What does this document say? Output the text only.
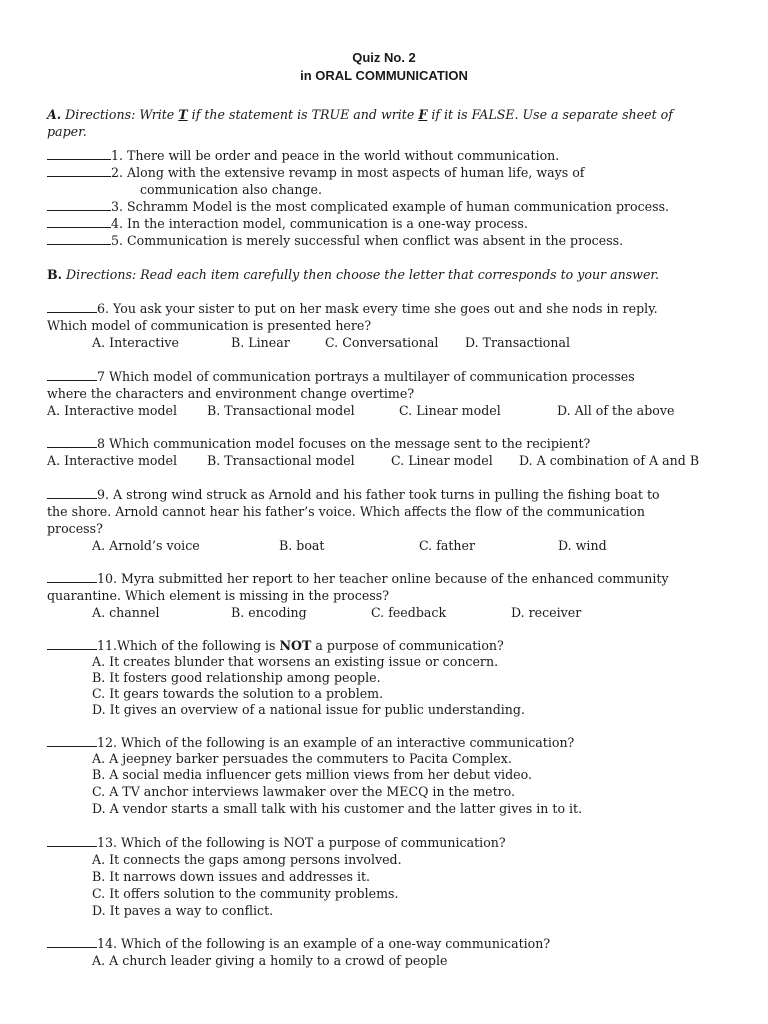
Quiz No. 2
in ORAL COMMUNICATION
A. Directions: Write T if the statement is TRUE and write F if it is FALSE. Use a separate sheet of
paper.
1. There will be order and peace in the world without communication.
2. Along with the extensive revamp in most aspects of human life, ways of
communication also change.
3. Schramm Model is the most complicated example of human communication process.
4. In the interaction model, communication is a one-way process.
5. Communication is merely successful when conflict was absent in the process.
B. Directions: Read each item carefully then choose the letter that corresponds to your answer.
6. You ask your sister to put on her mask every time she goes out and she nods in reply.
Which model of communication is presented here?
A. Interactive	B. Linear	C. Conversational D. Transactional
7 Which model of communication portrays a multilayer of communication processes
where the characters and environment change overtime?
A. Interactive model B. Transactional model	C. Linear model	D. All of the above
8 Which communication model focuses on the message sent to the recipient?
A. Interactive model B. Transactional model	C. Linear model D. A combination of A and B
9. A strong wind struck as Arnold and his father took turns in pulling the fishing boat to
the shore. Arnold cannot hear his father’s voice. Which affects the flow of the communication
process?
A. Arnold’s voice	B. boat	C. father	D. wind
10. Myra submitted her report to her teacher online because of the enhanced community
quarantine. Which element is missing in the process?
A. channel	B. encoding	C. feedback	D. receiver
11.Which of the following is NOT a purpose of communication?
A. It creates blunder that worsens an existing issue or concern.
B. It fosters good relationship among people.
C. It gears towards the solution to a problem.
D. It gives an overview of a national issue for public understanding.
12. Which of the following is an example of an interactive communication?
A. A jeepney barker persuades the commuters to Pacita Complex.
B. A social media influencer gets million views from her debut video.
C. A TV anchor interviews lawmaker over the MECQ in the metro.
D. A vendor starts a small talk with his customer and the latter gives in to it.
13. Which of the following is NOT a purpose of communication?
A. It connects the gaps among persons involved.
B. It narrows down issues and addresses it.
C. It offers solution to the community problems.
D. It paves a way to conflict.
14. Which of the following is an example of a one-way communication?
A. A church leader giving a homily to a crowd of people
